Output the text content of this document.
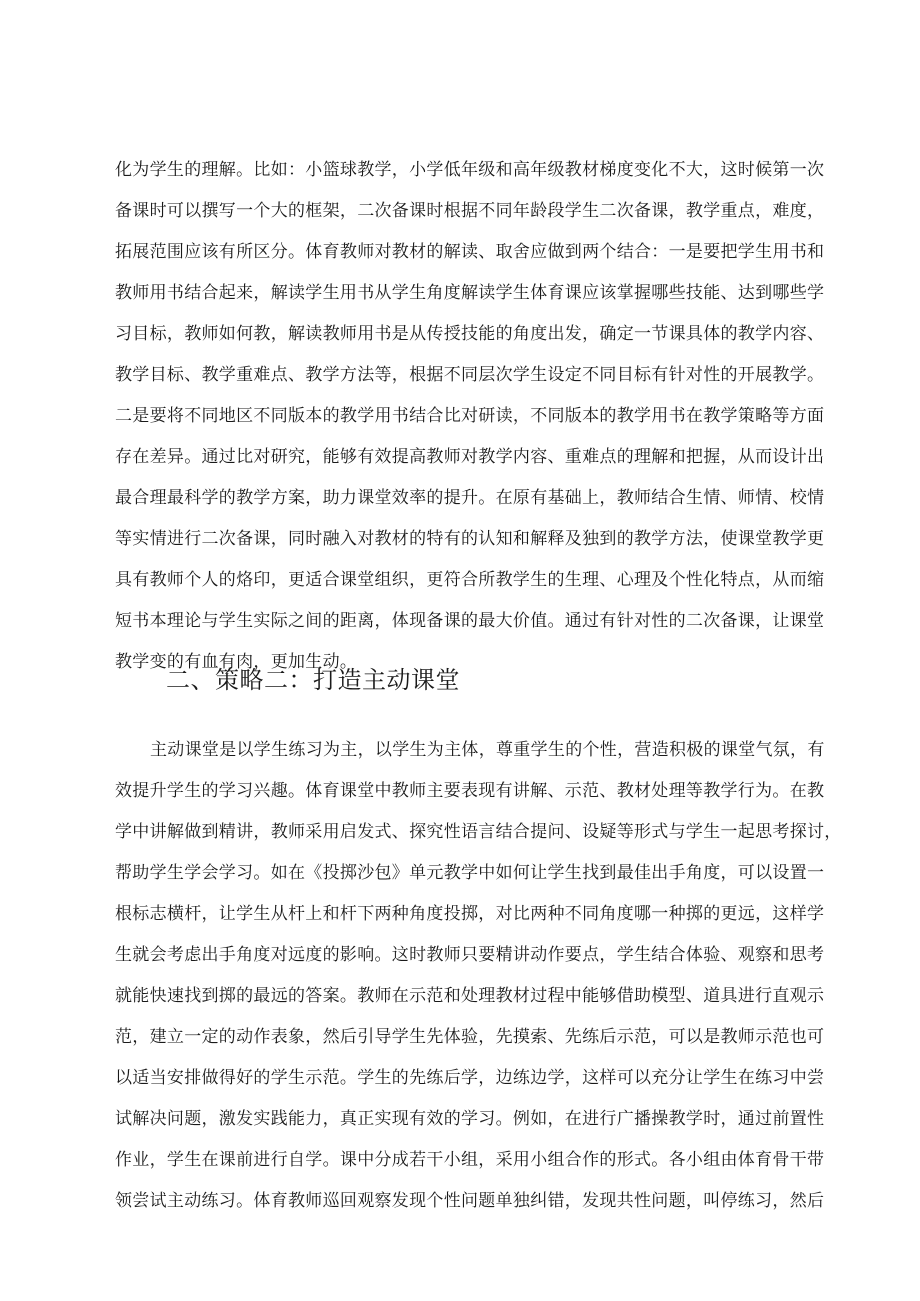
化为学生的理解。比如：小篮球教学，小学低年级和高年级教材梯度变化不大，这时候第一次
备课时可以撰写一个大的框架，二次备课时根据不同年龄段学生二次备课，教学重点，难度，
拓展范围应该有所区分。体育教师对教材的解读、取舍应做到两个结合：一是要把学生用书和
教师用书结合起来，解读学生用书从学生角度解读学生体育课应该掌握哪些技能、达到哪些学
习目标，教师如何教，解读教师用书是从传授技能的角度出发，确定一节课具体的教学内容、
教学目标、教学重难点、教学方法等，根据不同层次学生设定不同目标有针对性的开展教学。
二是要将不同地区不同版本的教学用书结合比对研读，不同版本的教学用书在教学策略等方面
存在差异。通过比对研究，能够有效提高教师对教学内容、重难点的理解和把握，从而设计出
最合理最科学的教学方案，助力课堂效率的提升。在原有基础上，教师结合生情、师情、校情
等实情进行二次备课，同时融入对教材的特有的认知和解释及独到的教学方法，使课堂教学更
具有教师个人的烙印，更适合课堂组织，更符合所教学生的生理、心理及个性化特点，从而缩
短书本理论与学生实际之间的距离，体现备课的最大价值。通过有针对性的二次备课，让课堂
教学变的有血有肉，更加生动。
二、策略二：打造主动课堂
主动课堂是以学生练习为主，以学生为主体，尊重学生的个性，营造积极的课堂气氛，有
效提升学生的学习兴趣。体育课堂中教师主要表现有讲解、示范、教材处理等教学行为。在教
学中讲解做到精讲，教师采用启发式、探究性语言结合提问、设疑等形式与学生一起思考探讨，
帮助学生学会学习。如在《投掷沙包》单元教学中如何让学生找到最佳出手角度，可以设置一
根标志横杆，让学生从杆上和杆下两种角度投掷，对比两种不同角度哪一种掷的更远，这样学
生就会考虑出手角度对远度的影响。这时教师只要精讲动作要点，学生结合体验、观察和思考
就能快速找到掷的最远的答案。教师在示范和处理教材过程中能够借助模型、道具进行直观示
范，建立一定的动作表象，然后引导学生先体验，先摸索、先练后示范，可以是教师示范也可
以适当安排做得好的学生示范。学生的先练后学，边练边学，这样可以充分让学生在练习中尝
试解决问题，激发实践能力，真正实现有效的学习。例如，在进行广播操教学时，通过前置性
作业，学生在课前进行自学。课中分成若干小组，采用小组合作的形式。各小组由体育骨干带
领尝试主动练习。体育教师巡回观察发现个性问题单独纠错，发现共性问题，叫停练习，然后
